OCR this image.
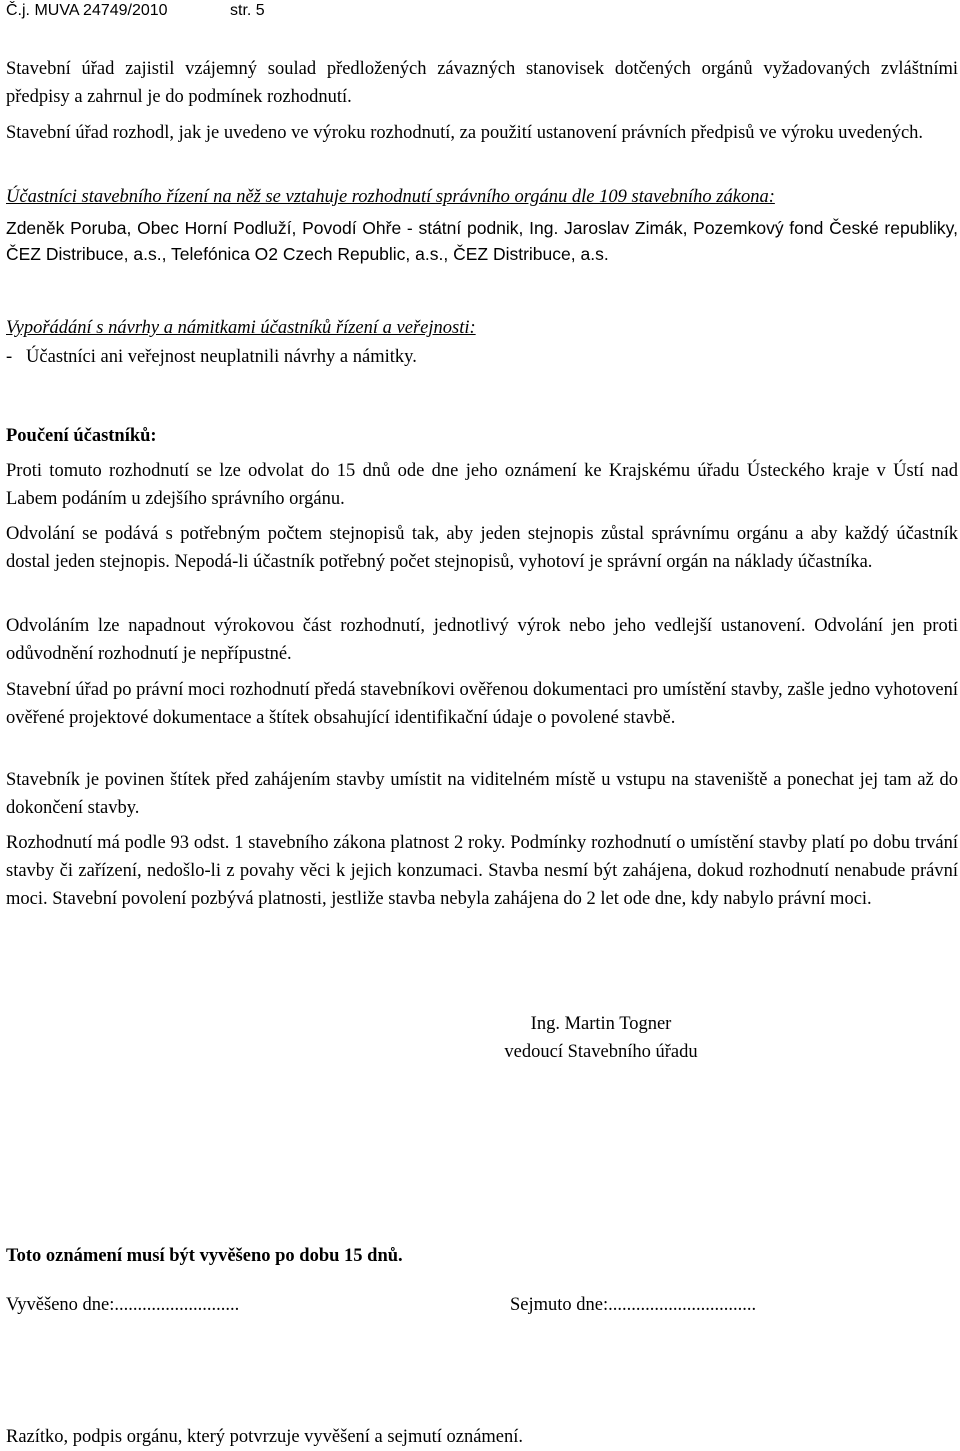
Č.j. MUVA 24749/2010	str. 5

Stavební úřad zajistil vzájemný soulad předložených závazných stanovisek dotčených orgánů vyžadovaných zvláštními předpisy a zahrnul je do podmínek rozhodnutí.

Stavební úřad rozhodl, jak je uvedeno ve výroku rozhodnutí, za použití ustanovení právních předpisů ve výroku uvedených.

Účastníci stavebního řízení na něž se vztahuje rozhodnutí správního orgánu dle 109 stavebního zákona:

Zdeněk Poruba, Obec Horní Podluží, Povodí Ohře - státní podnik, Ing. Jaroslav Zimák, Pozemkový fond České republiky, ČEZ Distribuce, a.s., Telefónica O2 Czech Republic, a.s., ČEZ Distribuce, a.s.

Vypořádání s návrhy a námitkami účastníků řízení a veřejnosti:

-   Účastníci ani veřejnost neuplatnili návrhy a námitky.

Poučení účastníků:

Proti tomuto rozhodnutí se lze odvolat do 15 dnů ode dne jeho oznámení ke Krajskému úřadu Ústeckého kraje v Ústí nad Labem podáním u zdejšího správního orgánu.

Odvolání se podává s potřebným počtem stejnopisů tak, aby jeden stejnopis zůstal správnímu orgánu a aby každý účastník dostal jeden stejnopis. Nepodá-li účastník potřebný počet stejnopisů, vyhotoví je správní orgán na náklady účastníka.

Odvoláním lze napadnout výrokovou část rozhodnutí, jednotlivý výrok nebo jeho vedlejší ustanovení. Odvolání jen proti odůvodnění rozhodnutí je nepřípustné.

Stavební úřad po právní moci rozhodnutí předá stavebníkovi ověřenou dokumentaci pro umístění stavby, zašle jedno vyhotovení ověřené projektové dokumentace a štítek obsahující identifikační údaje o povolené stavbě.

Stavebník je povinen štítek před zahájením stavby umístit na viditelném místě u vstupu na staveniště a ponechat jej tam až do dokončení stavby.

Rozhodnutí má podle 93 odst. 1 stavebního zákona platnost 2 roky. Podmínky rozhodnutí o umístění stavby platí po dobu trvání stavby či zařízení, nedošlo-li z povahy věci k jejich konzumaci. Stavba nesmí být zahájena, dokud rozhodnutí nenabude právní moci. Stavební povolení pozbývá platnosti, jestliže stavba nebyla zahájena do 2 let ode dne, kdy nabylo právní moci.

Ing. Martin Togner
vedoucí Stavebního úřadu

Toto oznámení musí být vyvěšeno po dobu 15 dnů.

Vyvěšeno dne:...........................	Sejmuto dne:................................

Razítko, podpis orgánu, který potvrzuje vyvěšení a sejmutí oznámení.
